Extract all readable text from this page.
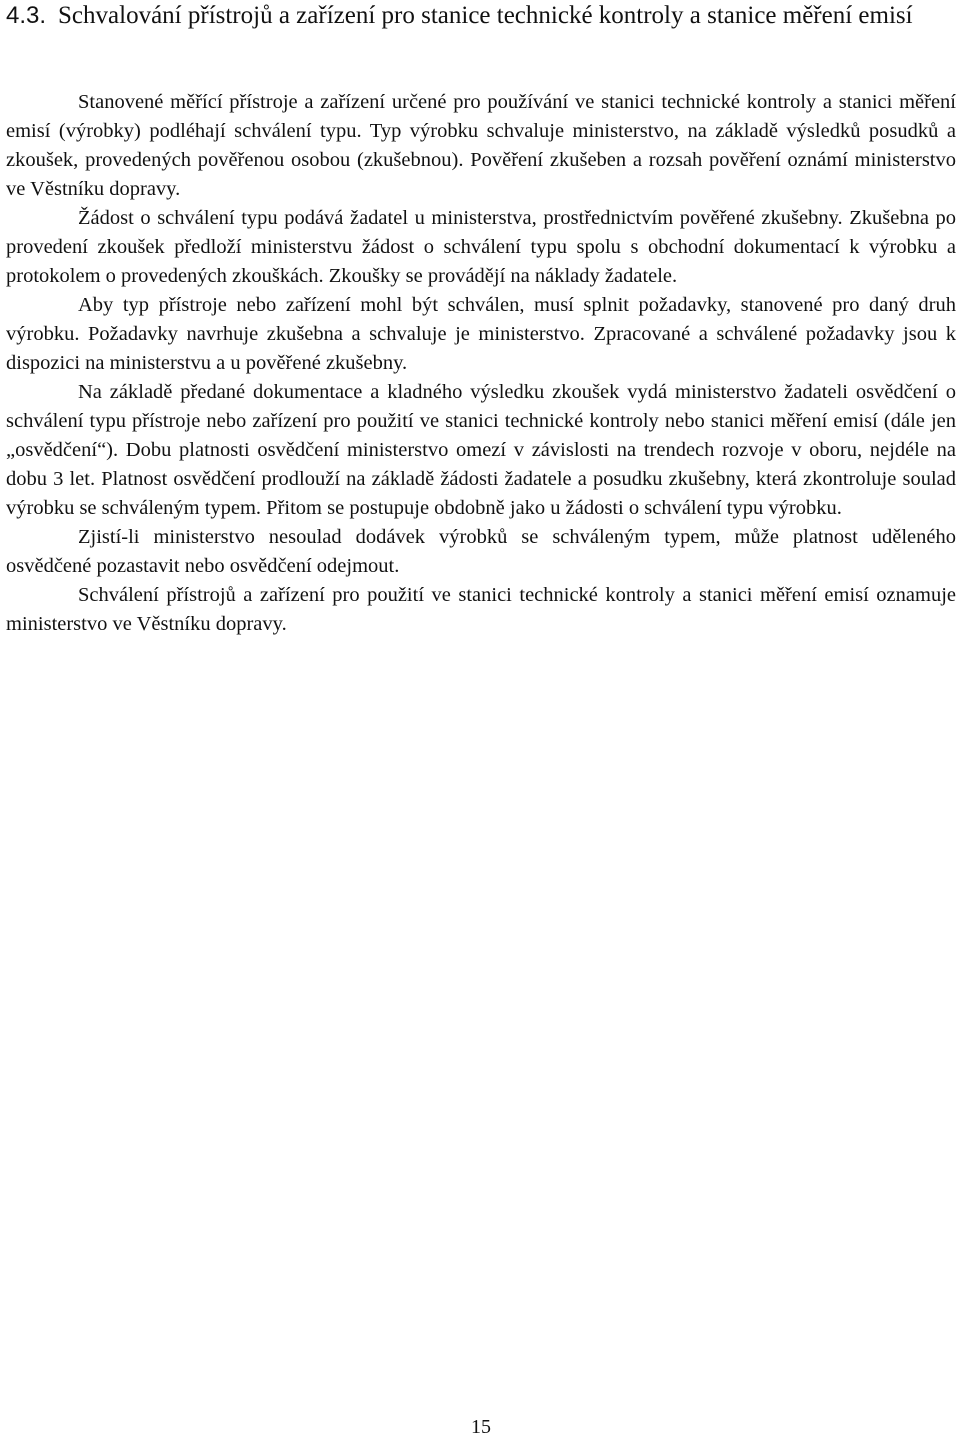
4.3. Schvalování přístrojů a zařízení pro stanice technické kontroly a stanice měření emisí

Stanovené měřící přístroje a zařízení určené pro používání ve stanici technické kontroly a stanici měření emisí (výrobky) podléhají schválení typu. Typ výrobku schvaluje ministerstvo, na základě výsledků posudků a zkoušek, provedených pověřenou osobou (zkušebnou). Pověření zkušeben a rozsah pověření oznámí ministerstvo ve Věstníku dopravy.

Žádost o schválení typu podává žadatel u ministerstva, prostřednictvím pověřené zkušebny. Zkušebna po provedení zkoušek předloží ministerstvu žádost o schválení typu spolu s obchodní dokumentací k výrobku a protokolem o provedených zkouškách. Zkoušky se provádějí na náklady žadatele.

Aby typ přístroje nebo zařízení mohl být schválen, musí splnit požadavky, stanovené pro daný druh výrobku. Požadavky navrhuje zkušebna a schvaluje je ministerstvo. Zpracované a schválené požadavky jsou k dispozici na ministerstvu a u pověřené zkušebny.

Na základě předané dokumentace a kladného výsledku zkoušek vydá ministerstvo žadateli osvědčení o schválení typu přístroje nebo zařízení pro použití ve stanici technické kontroly nebo stanici měření emisí (dále jen „osvědčení“). Dobu platnosti osvědčení ministerstvo omezí v závislosti na trendech rozvoje v oboru, nejdéle na dobu 3 let. Platnost osvědčení prodlouží na základě žádosti žadatele a posudku zkušebny, která zkontroluje soulad výrobku se schváleným typem. Přitom se postupuje obdobně jako u žádosti o schválení typu výrobku.

Zjistí-li ministerstvo nesoulad dodávek výrobků se schváleným typem, může platnost uděleného osvědčené pozastavit nebo osvědčení odejmout.

Schválení přístrojů a zařízení pro použití ve stanici technické kontroly a stanici měření emisí oznamuje ministerstvo ve Věstníku dopravy.

15
